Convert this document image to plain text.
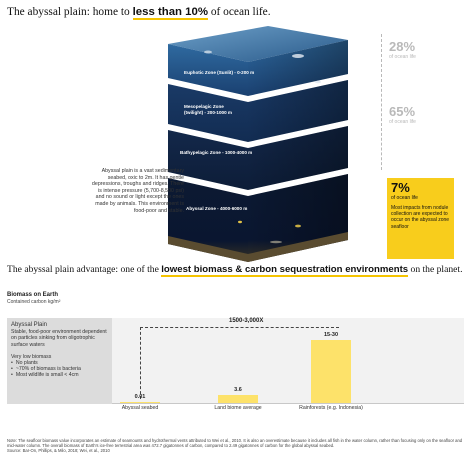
The abyssal plain: home to less than 10% of ocean life.
Euphotic Zone (Sunlit) - 0-200 m
Mesopelagic Zone (twilight) - 200-1000 m
Bathypelagic Zone - 1000-4000 m
Abyssal Zone - 4000-6000 m
28%
of ocean life
65%
of ocean life
7%
of ocean life
Most impacts from nodule collection are expected to occur on the abyssal zone seafloor
Abyssal plain is a vast sedimentary seabed, oxic to 2m. It has gentle depressions, troughs and ridges. There is intense pressure (5,700-8,500 psi) and no sound or light except the ones made by animals. This environment is food-poor and stable.
The abyssal plain advantage: one of the lowest biomass & carbon sequestration environments on the planet.
Biomass on Earth
Contained carbon kg/m²
Abyssal Plain
Stable, food-poor environment dependent on particles sinking from oligotrophic surface waters
Very low biomass
• No plants
• ~70% of biomass is bacteria
• Most wildlife is small < 4cm
1500-3,000X
0.01
Abyssal seabed
3.6
Land biome average
15-30
Rainforests (e.g. Indonesia)
Note: The seafloor biomass value incorporates an estimate of seamounts and hydrothermal vents attributed to Wei et al., 2010. It is also an overestimate because it includes all fish in the water column, rather than focusing only on the seafloor and mid-water column. The overall biomass of Earth's ice-free terrestrial area was 472.7 gigatonnes of carbon, compared to 2.49 gigatonnes of carbon for the global abyssal seabed.
Source: Bar-On, Phillips, & Milo, 2018; Wei, et al., 2010
